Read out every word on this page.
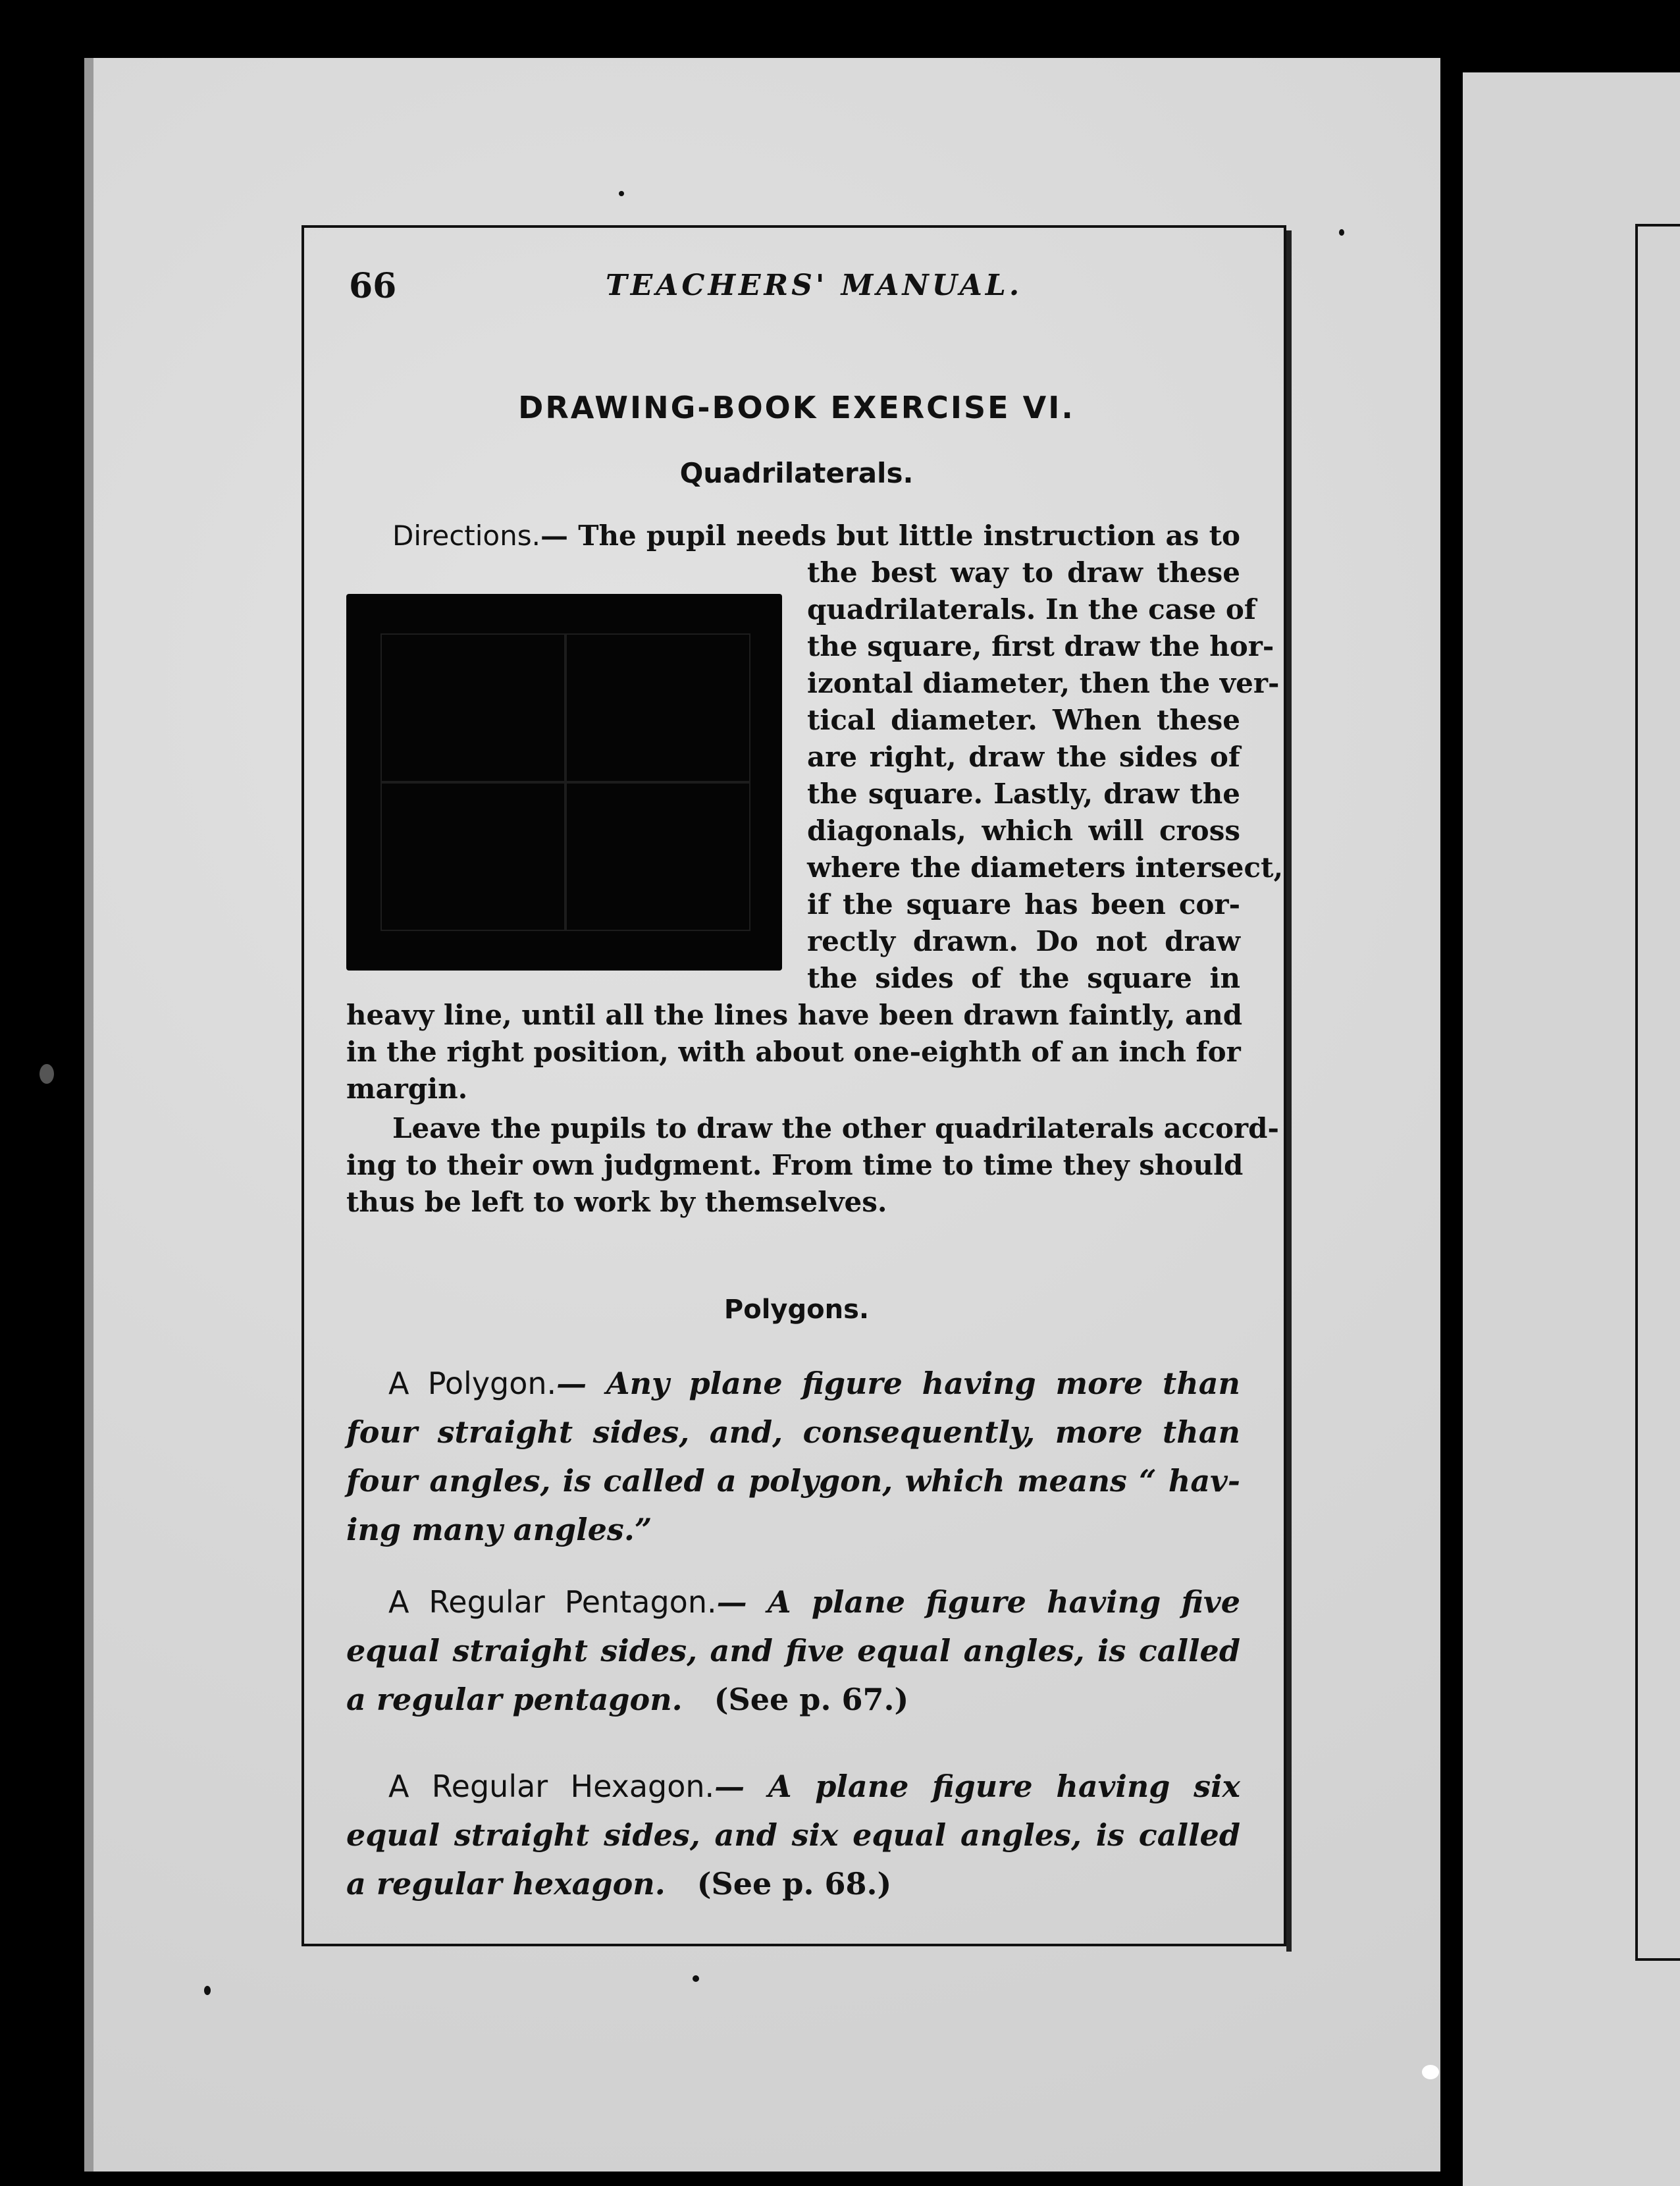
66	TEACHERS' MANUAL.
DRAWING-BOOK EXERCISE VI.
Quadrilaterals.
Directions.— The pupil needs but little instruction as to
the best way to draw these
quadrilaterals. In the case of
the square, first draw the hor-
izontal diameter, then the ver-
tical diameter. When these
are right, draw the sides of
the square. Lastly, draw the
diagonals, which will cross
where the diameters intersect,
if the square has been cor-
rectly drawn. Do not draw
the sides of the square in
heavy line, until all the lines have been drawn faintly, and
in the right position, with about one-eighth of an inch for
margin.
Leave the pupils to draw the other quadrilaterals accord-
ing to their own judgment. From time to time they should
thus be left to work by themselves.
Polygons.
A Polygon.— Any plane figure having more than
four straight sides, and, consequently, more than
four angles, is called a polygon, which means “ hav-
ing many angles.”
A Regular Pentagon.— A plane figure having five
equal straight sides, and five equal angles, is called
a regular pentagon. (See p. 67.)
A Regular Hexagon.— A plane figure having six
equal straight sides, and six equal angles, is called
a regular hexagon. (See p. 68.)
